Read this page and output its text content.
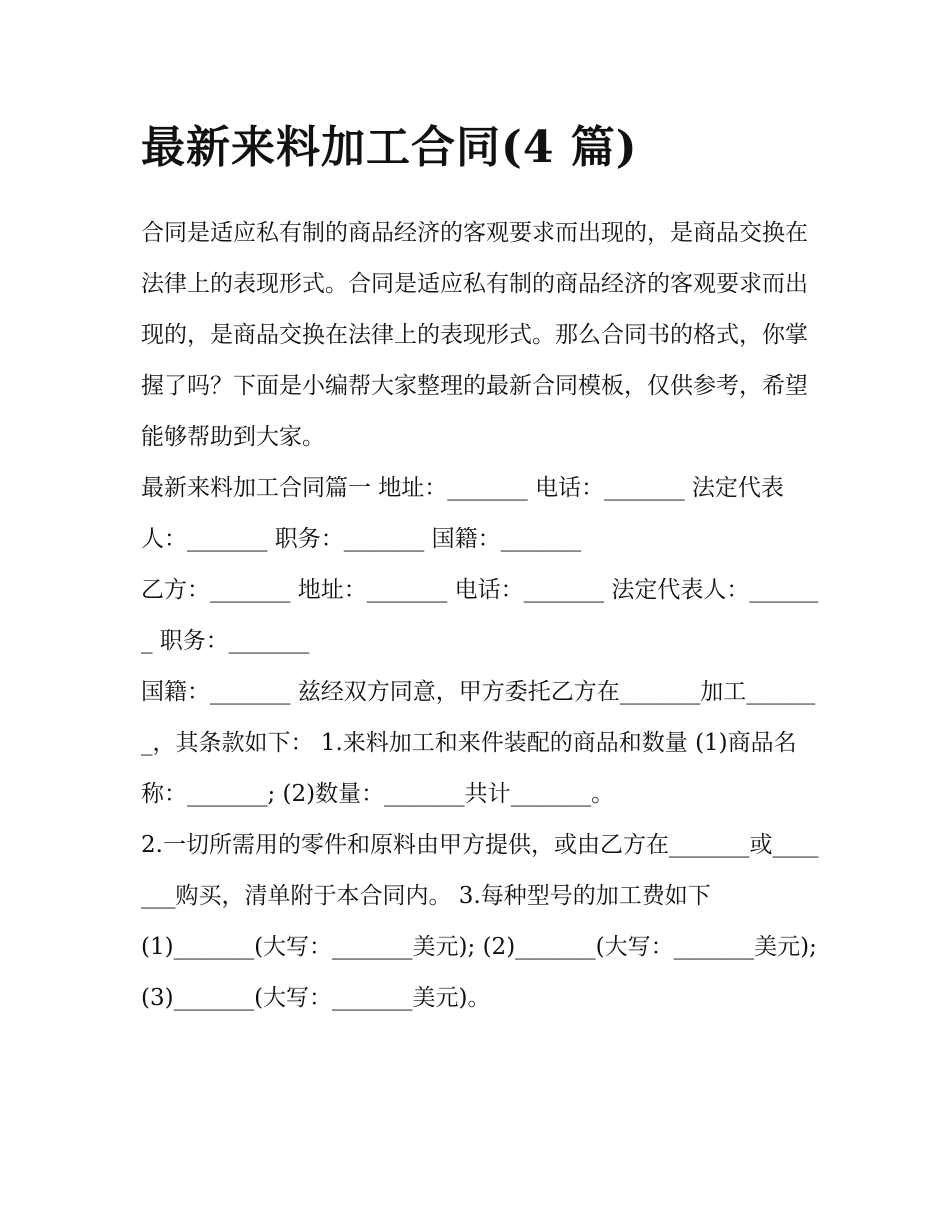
最新来料加工合同(4 篇)

合同是适应私有制的商品经济的客观要求而出现的，是商品交换在法律上的表现形式。合同是适应私有制的商品经济的客观要求而出现的，是商品交换在法律上的表现形式。那么合同书的格式，你掌握了吗？下面是小编帮大家整理的最新合同模板，仅供参考，希望能够帮助到大家。

最新来料加工合同篇一 地址：_______ 电话：_______ 法定代表人：_______ 职务：_______ 国籍：_______

乙方：_______ 地址：_______ 电话：_______ 法定代表人：_______ 职务：_______

国籍：_______ 兹经双方同意，甲方委托乙方在_______加工_______，其条款如下： 1.来料加工和来件装配的商品和数量 (1)商品名称：_______; (2)数量：_______共计_______。

2.一切所需用的零件和原料由甲方提供，或由乙方在_______或_______购买，清单附于本合同内。 3.每种型号的加工费如下

(1)_______(大写：_______美元); (2)_______(大写：_______美元);

(3)_______(大写：_______美元)。
